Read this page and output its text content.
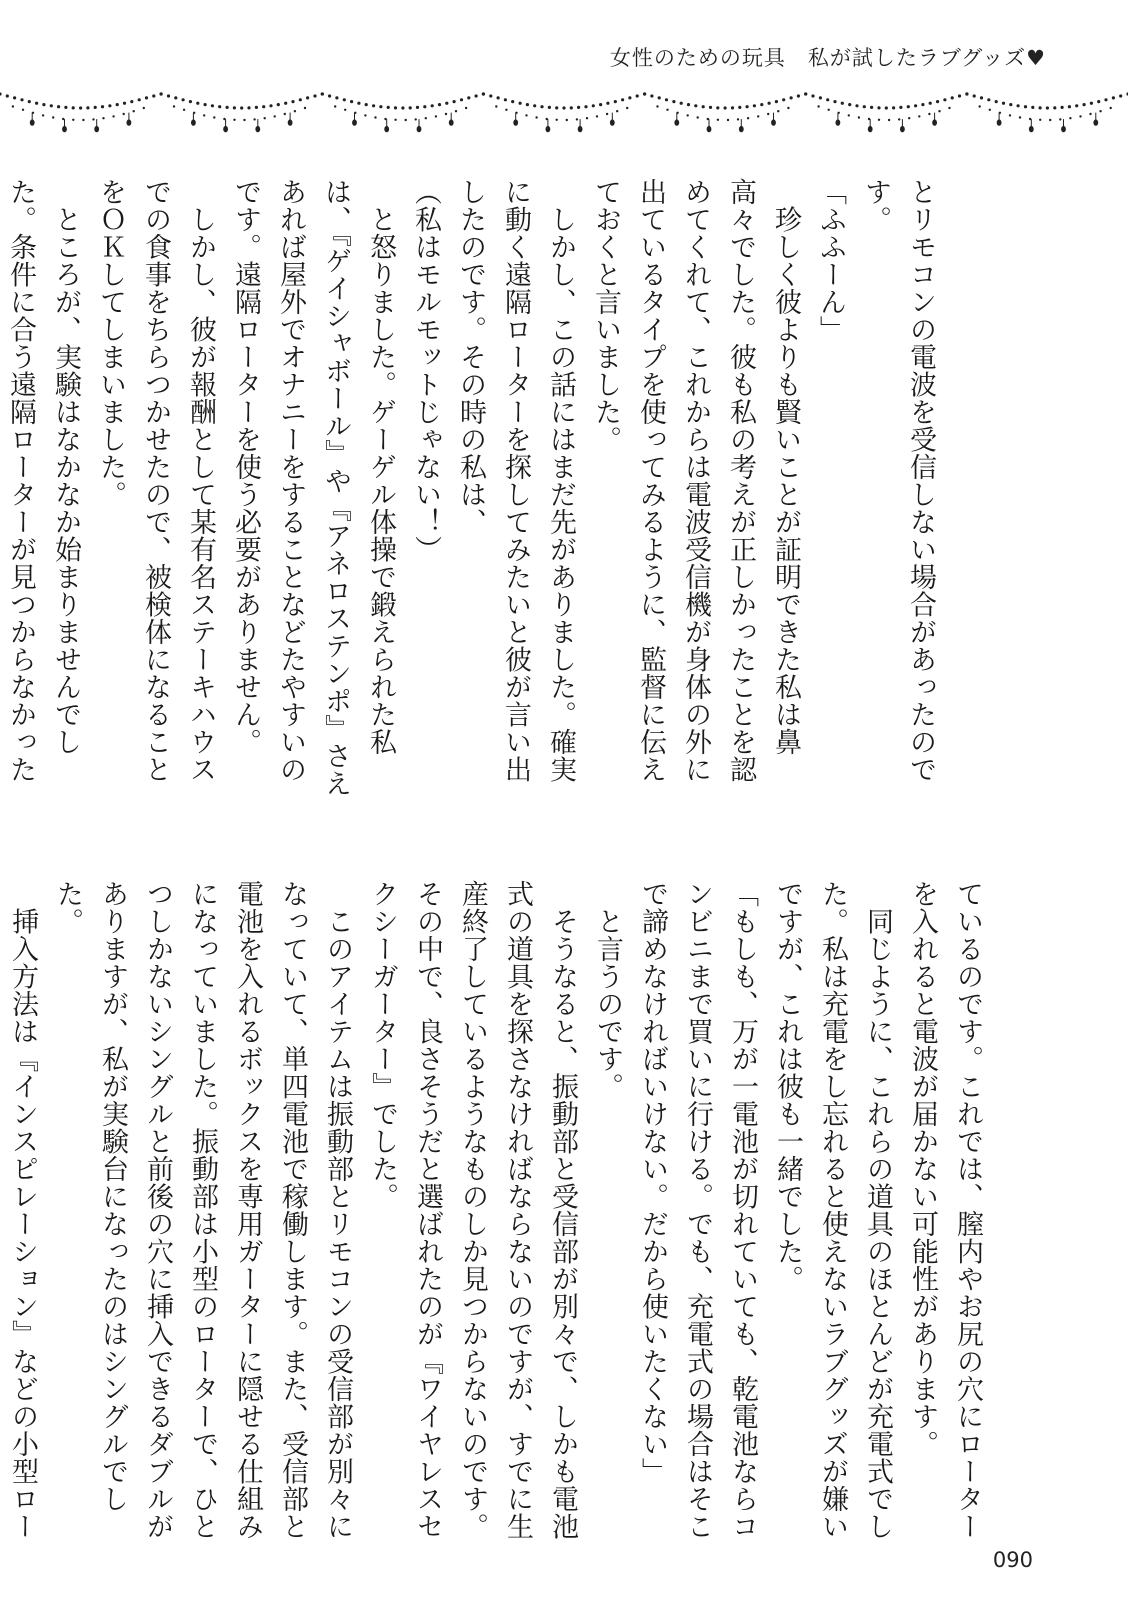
女性のための玩具　私が試したラブグッズ♥

とリモコンの電波を受信しない場合があったのです。

「ふふーん」

　珍しく彼よりも賢いことが証明できた私は鼻高々でした。彼も私の考えが正しかったことを認めてくれて、これからは電波受信機が身体の外に出ているタイプを使ってみるように、監督に伝えておくと言いました。

　しかし、この話にはまだ先がありました。確実に動く遠隔ローターを探してみたいと彼が言い出したのです。その時の私は、

（私はモルモットじゃない！）

　と怒りました。ゲーゲル体操で鍛えられた私は、『ゲイシャボール』や『アネロステンポ』さえあれば屋外でオナニーをすることなどたやすいのです。遠隔ローターを使う必要がありません。

　しかし、彼が報酬として某有名ステーキハウスでの食事をちらつかせたので、被検体になることをＯＫしてしまいました。

　ところが、実験はなかなか始まりませんでした。条件に合う遠隔ローターが見つからなかった

ているのです。これでは、膣内やお尻の穴にローターを入れると電波が届かない可能性があります。

　同じように、これらの道具のほとんどが充電式でした。私は充電をし忘れると使えないラブグッズが嫌いですが、これは彼も一緒でした。

「もしも、万が一電池が切れていても、乾電池ならコンビニまで買いに行ける。でも、充電式の場合はそこで諦めなければいけない。だから使いたくない」

　と言うのです。

　そうなると、振動部と受信部が別々で、しかも電池式の道具を探さなければならないのですが、すでに生産終了しているようなものしか見つからないのです。その中で、良さそうだと選ばれたのが『ワイヤレスセクシーガーター』でした。

　このアイテムは振動部とリモコンの受信部が別々になっていて、単四電池で稼働します。また、受信部と電池を入れるボックスを専用ガーターに隠せる仕組みになっていました。振動部は小型のローターで、ひとつしかないシングルと前後の穴に挿入できるダブルがありますが、私が実験台になったのはシングルでした。

　挿入方法は『インスピレーション』などの小型ロー

090
